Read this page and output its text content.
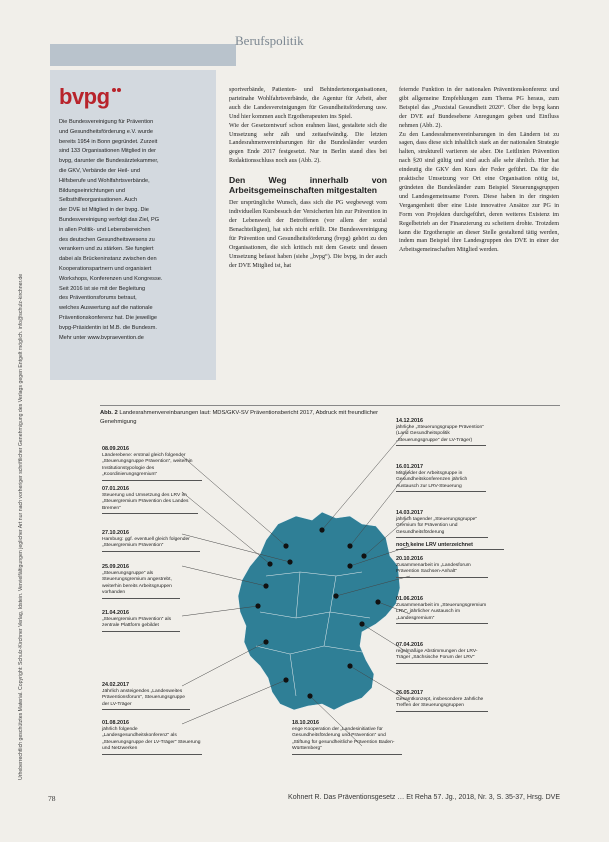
Urheberrechtlich geschütztes Material. Copyright: Schulz-Kirchner Verlag, Idstein. Vervielfältigungen jeglicher Art nur nach vorheriger schriftlicher Genehmigung des Verlags gegen Entgelt möglich. info@schulz-kirchner.de
Berufspolitik
bvpg
Die Bundesvereinigung für Prävention
und Gesundheitsförderung e.V. wurde
bereits 1954 in Bonn gegründet. Zurzeit
sind 133 Organisationen Mitglied in der
bvpg, darunter die Bundesärztekammer,
die GKV, Verbände der Heil- und
Hilfsberufe und Wohlfahrtsverbände,
Bildungseinrichtungen und
Selbsthilfeorganisationen. Auch
der DVE ist Mitglied in der bvpg. Die
Bundesvereinigung verfolgt das Ziel, PG
in allen Politik- und Lebensbereichen
des deutschen Gesundheitswesens zu
verankern und zu stärken. Sie fungiert
dabei als Brückeninstanz zwischen den
Kooperationspartnern und organisiert
Workshops, Konferenzen und Kongresse.
Seit 2016 ist sie mit der Begleitung
des Präventionsforums betraut,
welches Auswertung auf die nationale
Präventionskonferenz hat. Die jeweilige
bvpg-Präsidentin ist M.B. die Bundesm.
Mehr unter www.bvpraevention.de

sportverbände, Patienten- und Behindertenorganisationen, parteinahe Wohlfahrtsverbände, die Agentur für Arbeit, aber auch die Landesvereinigungen für Gesundheitsförderung usw. Und hier kommen auch Ergotherapeuten ins Spiel.

Wie der Gesetzentwurf schon erahnen lässt, gestaltete sich die Umsetzung sehr zäh und zeitaufwändig. Die letzten Landesrahmenvereinbarungen für die Bundesländer wurden gegen Ende 2017 festgesetzt. Nur in Berlin stand dies bei Redaktionsschluss noch aus (Abb. 2).

Den Weg innerhalb von Arbeitsgemeinschaften mitgestalten

Der ursprüngliche Wunsch, dass sich die PG wegbewegt vom individuellen Kursbesuch der Versicherten hin zur Prävention in der Lebenswelt der Betroffenen (vor allem der sozial Benachteiligten), hat sich nicht erfüllt. Die Bundesvereinigung für Prävention und Gesundheitsförderung (bvpg) gehört zu den Organisationen, die sich kritisch mit dem Gesetz und dessen Umsetzung befasst haben (siehe „bvpg“). Die bvpg, in der auch der DVE Mitglied ist, hat

feiernde Funktion in der nationalen Präventionskonferenz und gibt allgemeine Empfehlungen zum Thema PG heraus, zum Beispiel das „Praxistal Gesundheit 2020“. Über die bvpg kann der DVE auf Bundesebene Anregungen geben und Einfluss nehmen (Abb. 2).

Zu den Landesrahmenvereinbarungen in den Ländern ist zu sagen, dass diese sich inhaltlich stark an der nationalen Strategie halten, strukturell variieren sie aber. Die Leitlinien Prävention nach §20 sind gültig und sind auch alle sehr ähnlich. Hier hat eindeutig die GKV den Kurs der Feder geführt. Da für die praktische Umsetzung vor Ort eine Organisation nötig ist, gründeten die Bundesländer zum Beispiel Steuerungsgruppen und Landesgemeinsame Foren. Diese haben in der ringsten Vergangenheit über eine Liste innovative Ansätze zur PG in Form von Projekten durchgeführt, deren weiteres Existenz im Regelbetrieb an der Finanzierung zu scheitern drohte. Trotzdem kann die Ergotherapie an dieser Stelle gestaltend tätig werden, indem man Beispiel ihre Landesgruppen des DVE in einer der Arbeitsgemeinschaften Mitglied werden.

Abb. 2 Landesrahmenvereinbarungen laut: MDS/GKV-SV Präventionsbericht 2017, Abdruck mit freundlicher Genehmigung
08.09.2016
Länderebene: erstmal gleich folgender „Steuerungsgruppe Prävention“, weiterhin Institutionstypologie des „Koordinierungsgremium“
07.01.2016
Steuerung und Umsetzung des LRV im „Steuergremium Prävention des Landes Bremen“
27.10.2016
Hamburg: ggf. eventuell gleich folgender „Steuergremium Prävention“
25.09.2016
„Steuerungsgruppe“ als Steuerungsgremium angestrebt, weiterhin bereits Arbeitsgruppen vorhanden
21.04.2016
„Steuergremium Prävention“ als zentrale Plattform gebildet
24.02.2017
Jährlich ansteigendes „Landesweites Präventionsforum“, Steuerungsgruppe der LV-Träger
01.08.2016
jährlich folgende „Landesgesundheitskonferenz“ als „Steuerungsgruppe der LV-Träger“ Steuerung und Netzwerken
14.12.2016
jährliche „Steuerungsgruppe Prävention“ (Land Gesundheitspolitik „Steuerungsgruppe“ der LV-Träger)
16.01.2017
Mitglieder der Arbeitsgruppe in Gesundheitskonferenzen jährlich Austausch zur LRV-Steuerung
14.03.2017
jährlich tagender „Steuerungsgruppe“ Gremium für Prävention und Gesundheitsförderung
noch keine LRV unterzeichnet
20.10.2016
Zusammenarbeit im „Landesforum Prävention Sachsen-Anhalt“
01.06.2016
Zusammenarbeit im „Steuerungsgremium LRV“, jährlicher Austausch im „Landesgremium“
07.04.2016
regelmäßige Abstimmungen der LRV-Träger „Sächsische Forum der LRV“
26.05.2017
Gesamtkonzept, insbesondere Jahrliche Treffen der Steuerungsgruppen
18.10.2016
enge Kooperation der „Landesinitiative für Gesundheitsförderung und Prävention“ und „Stiftung für gesundheitliche Prävention Baden-Württemberg“
78	Kohnert R. Das Präventionsgesetz … Et Reha 57. Jg., 2018, Nr. 3, S. 35-37, Hrsg. DVE
